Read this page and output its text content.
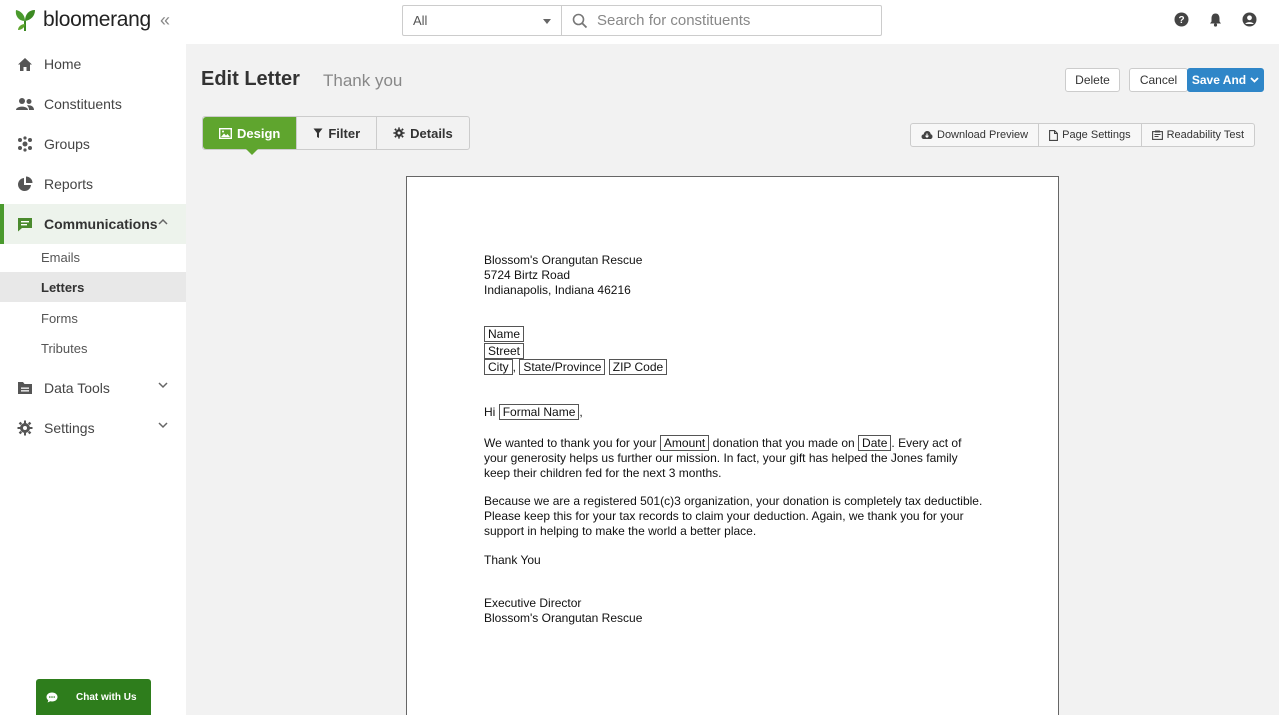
bloomerang «	All
Search for constituents	?
Home
Constituents
Groups
Reports
Communications
Emails
Letters
Forms
Tributes
Data Tools
Settings
Chat with Us
Edit Letter Thank you	Delete	Cancel	Save And
Design	Filter	Details	Download Preview	Page Settings	Readability Test
Blossom's Orangutan Rescue
5724 Birtz Road
Indianapolis, Indiana 46216
Name
Street
City , State/Province ZIP Code
Hi Formal Name ,

We wanted to thank you for your Amount donation that you made on Date . Every act of your generosity helps us further our mission. In fact, your gift has helped the Jones family keep their children fed for the next 3 months.

Because we are a registered 501(c)3 organization, your donation is completely tax deductible. Please keep this for your tax records to claim your deduction. Again, we thank you for your support in helping to make the world a better place.

Thank You

Executive Director
Blossom's Orangutan Rescue
